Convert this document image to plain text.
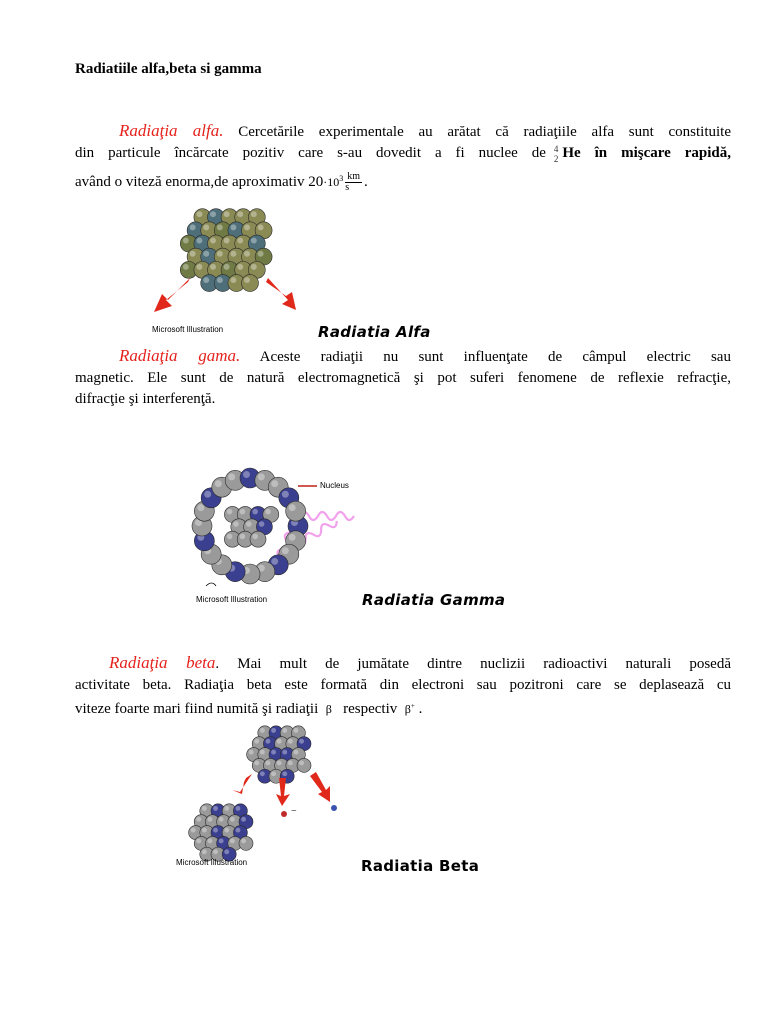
Radiatiile alfa,beta si gamma
Radiaţia alfa. Cercetările experimentale au arătat că radiaţiile alfa sunt constituite
din particule încărcate pozitiv care s-au dovedit a fi nuclee de 4
2 He în mişcare rapidă,
având o viteză enorma,de aproximativ $20\cdot 10^3 \frac{km}{s}$ .
Microsoft Illustration	Radiatia Alfa
Radiaţia gama. Aceste radiaţii nu sunt influenţate de câmpul electric sau
magnetic. Ele sunt de natură electromagnetică şi pot suferi fenomene de reflexie refracţie,
difracţie şi interferenţă.
Nucleus
Microsoft Illustration	Radiatia Gamma
Radiaţia beta. Mai mult de jumătate dintre nuclizii radioactivi naturali posedă
activitate beta. Radiaţia beta este formată din electroni sau pozitroni care se deplasează cu
viteze foarte mari fiind numită şi radiaţii β respectiv β+ .
−
Microsoft Illustration	Radiatia Beta
